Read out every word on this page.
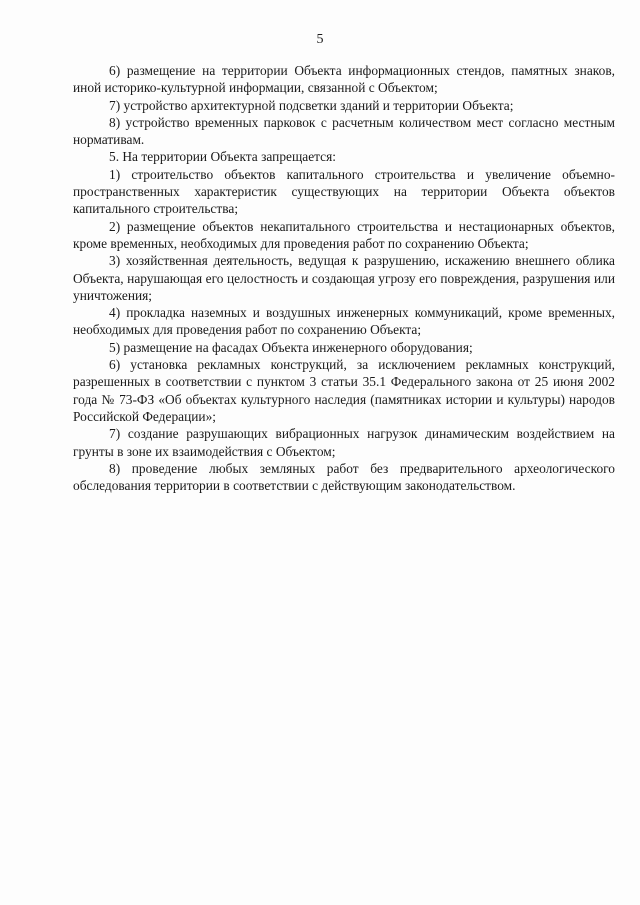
5

6) размещение на территории Объекта информационных стендов, памятных знаков, иной историко-культурной информации, связанной с Объектом;

7) устройство архитектурной подсветки зданий и территории Объекта;

8) устройство временных парковок с расчетным количеством мест согласно местным нормативам.

5. На территории Объекта запрещается:

1) строительство объектов капитального строительства и увеличение объемно-пространственных характеристик существующих на территории Объекта объектов капитального строительства;

2) размещение объектов некапитального строительства и нестационарных объектов, кроме временных, необходимых для проведения работ по сохранению Объекта;

3) хозяйственная деятельность, ведущая к разрушению, искажению внешнего облика Объекта, нарушающая его целостность и создающая угрозу его повреждения, разрушения или уничтожения;

4) прокладка наземных и воздушных инженерных коммуникаций, кроме временных, необходимых для проведения работ по сохранению Объекта;

5) размещение на фасадах Объекта инженерного оборудования;

6) установка рекламных конструкций, за исключением рекламных конструкций, разрешенных в соответствии с пунктом 3 статьи 35.1 Федерального закона от 25 июня 2002 года № 73-ФЗ «Об объектах культурного наследия (памятниках истории и культуры) народов Российской Федерации»;

7) создание разрушающих вибрационных нагрузок динамическим воздействием на грунты в зоне их взаимодействия с Объектом;

8) проведение любых земляных работ без предварительного археологического обследования территории в соответствии с действующим законодательством.
